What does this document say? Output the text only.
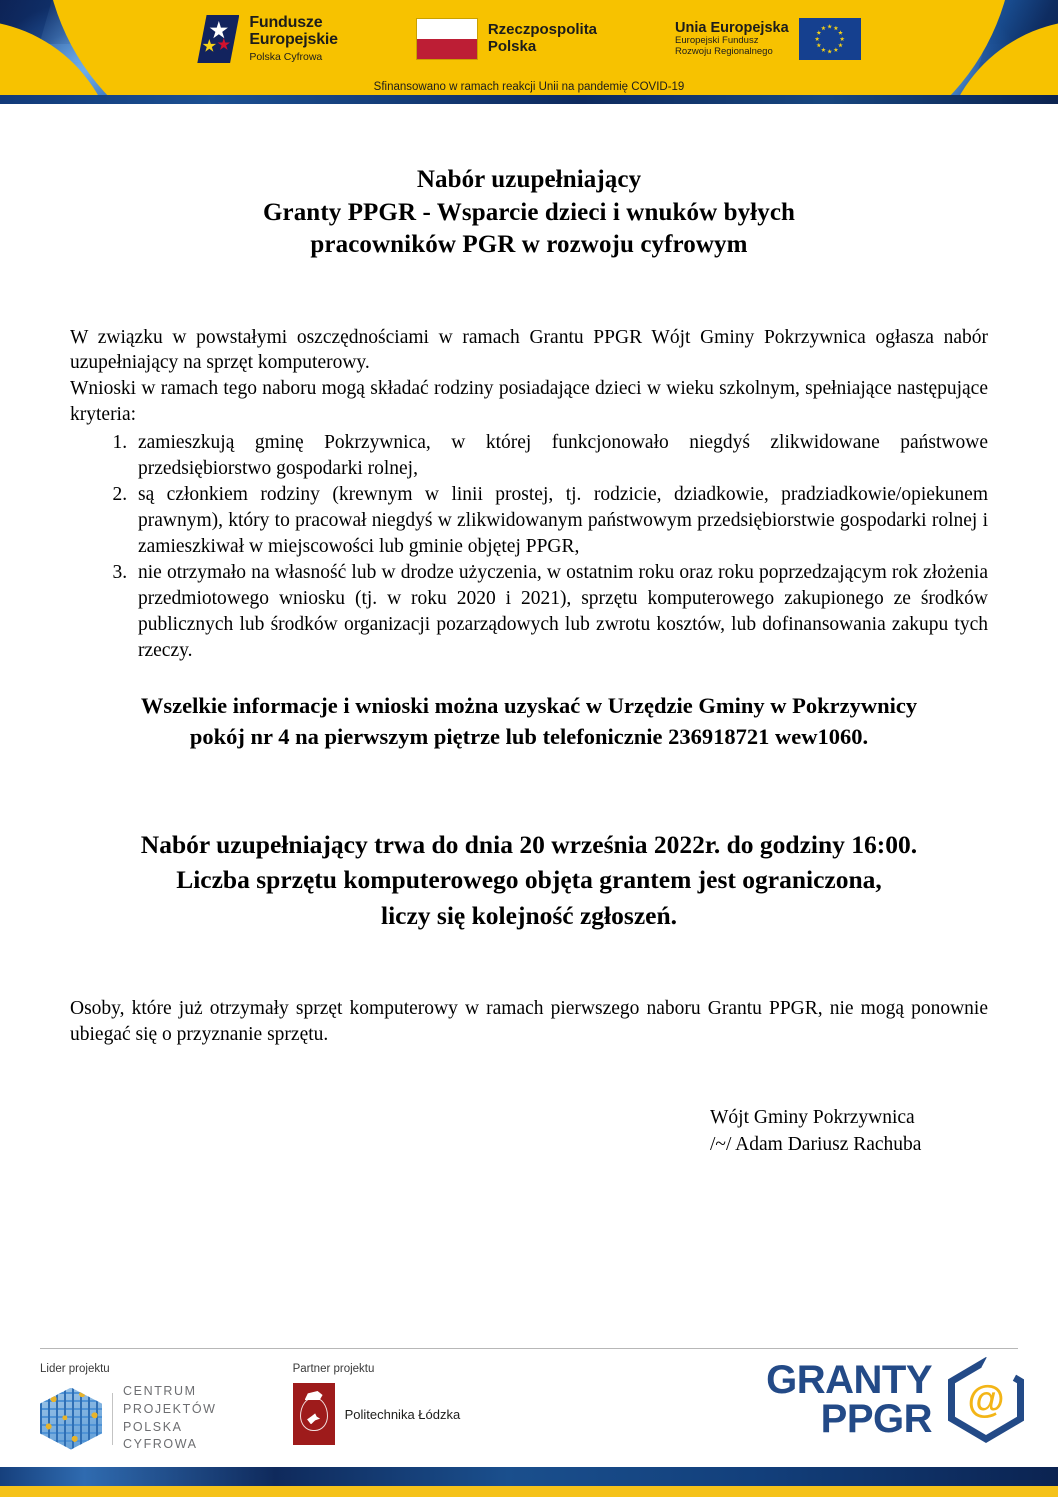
Fundusze
Europejskie
Polska Cyfrowa
Rzeczpospolita
Polska
Unia Europejska
Europejski Fundusz
Rozwoju Regionalnego
Sfinansowano w ramach reakcji Unii na pandemię COVID-19
Nabór uzupełniający
Granty PPGR - Wsparcie dzieci i wnuków byłych
pracowników PGR w rozwoju cyfrowym

W związku w powstałymi oszczędnościami w ramach Grantu PPGR Wójt Gminy Pokrzywnica ogłasza nabór uzupełniający na sprzęt komputerowy.

Wnioski w ramach tego naboru mogą składać rodziny posiadające dzieci w wieku szkolnym, spełniające następujące kryteria:

1. zamieszkują gminę Pokrzywnica, w której funkcjonowało niegdyś zlikwidowane państwowe przedsiębiorstwo gospodarki rolnej,
2. są członkiem rodziny (krewnym w linii prostej, tj. rodzicie, dziadkowie, pradziadkowie/opiekunem prawnym), który to pracował niegdyś w zlikwidowanym państwowym przedsiębiorstwie gospodarki rolnej i zamieszkiwał w miejscowości lub gminie objętej PPGR,
3. nie otrzymało na własność lub w drodze użyczenia, w ostatnim roku oraz roku poprzedzającym rok złożenia przedmiotowego wniosku (tj. w roku 2020 i 2021), sprzętu komputerowego zakupionego ze środków publicznych lub środków organizacji pozarządowych lub zwrotu kosztów, lub dofinansowania zakupu tych rzeczy.
Wszelkie informacje i wnioski można uzyskać w Urzędzie Gminy w Pokrzywnicy
pokój nr 4 na pierwszym piętrze lub telefonicznie 236918721 wew1060.
Nabór uzupełniający trwa do dnia 20 września 2022r. do godziny 16:00.
Liczba sprzętu komputerowego objęta grantem jest ograniczona,
liczy się kolejność zgłoszeń.

Osoby, które już otrzymały sprzęt komputerowy w ramach pierwszego naboru Grantu PPGR, nie mogą ponownie ubiegać się o przyznanie sprzętu.

Wójt Gminy Pokrzywnica
/~/ Adam Dariusz Rachuba
Lider projektu
CENTRUM
PROJEKTÓW
POLSKA
CYFROWA
Partner projektu
Politechnika Łódzka
GRANTY
PPGR @
